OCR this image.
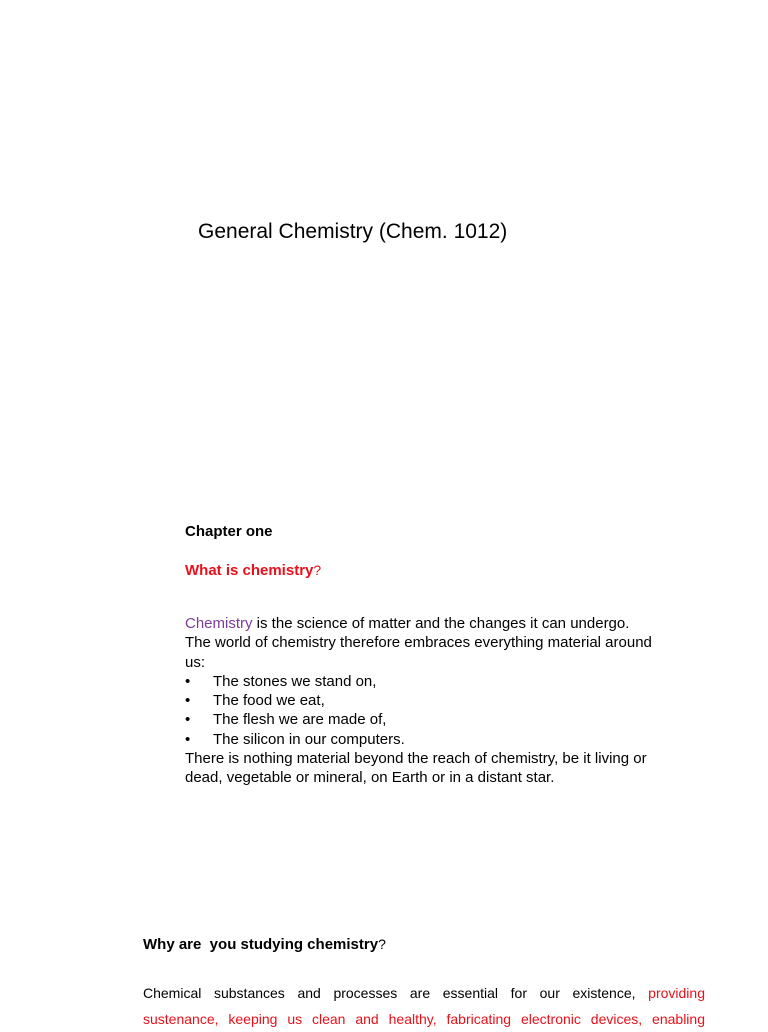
General Chemistry (Chem. 1012)
Chapter one
What is chemistry?
Chemistry is the science of matter and the changes it can undergo.
The world of chemistry therefore embraces everything material around us:
•	The stones we stand on,
•	The food we eat,
•	The flesh we are made of,
•	The silicon in our computers.
There is nothing material beyond the reach of chemistry, be it living or dead, vegetable or mineral, on Earth or in a distant star.
Why are  you studying chemistry?
Chemical substances and processes are essential for our existence, providing sustenance, keeping us clean and healthy, fabricating electronic devices, enabling
